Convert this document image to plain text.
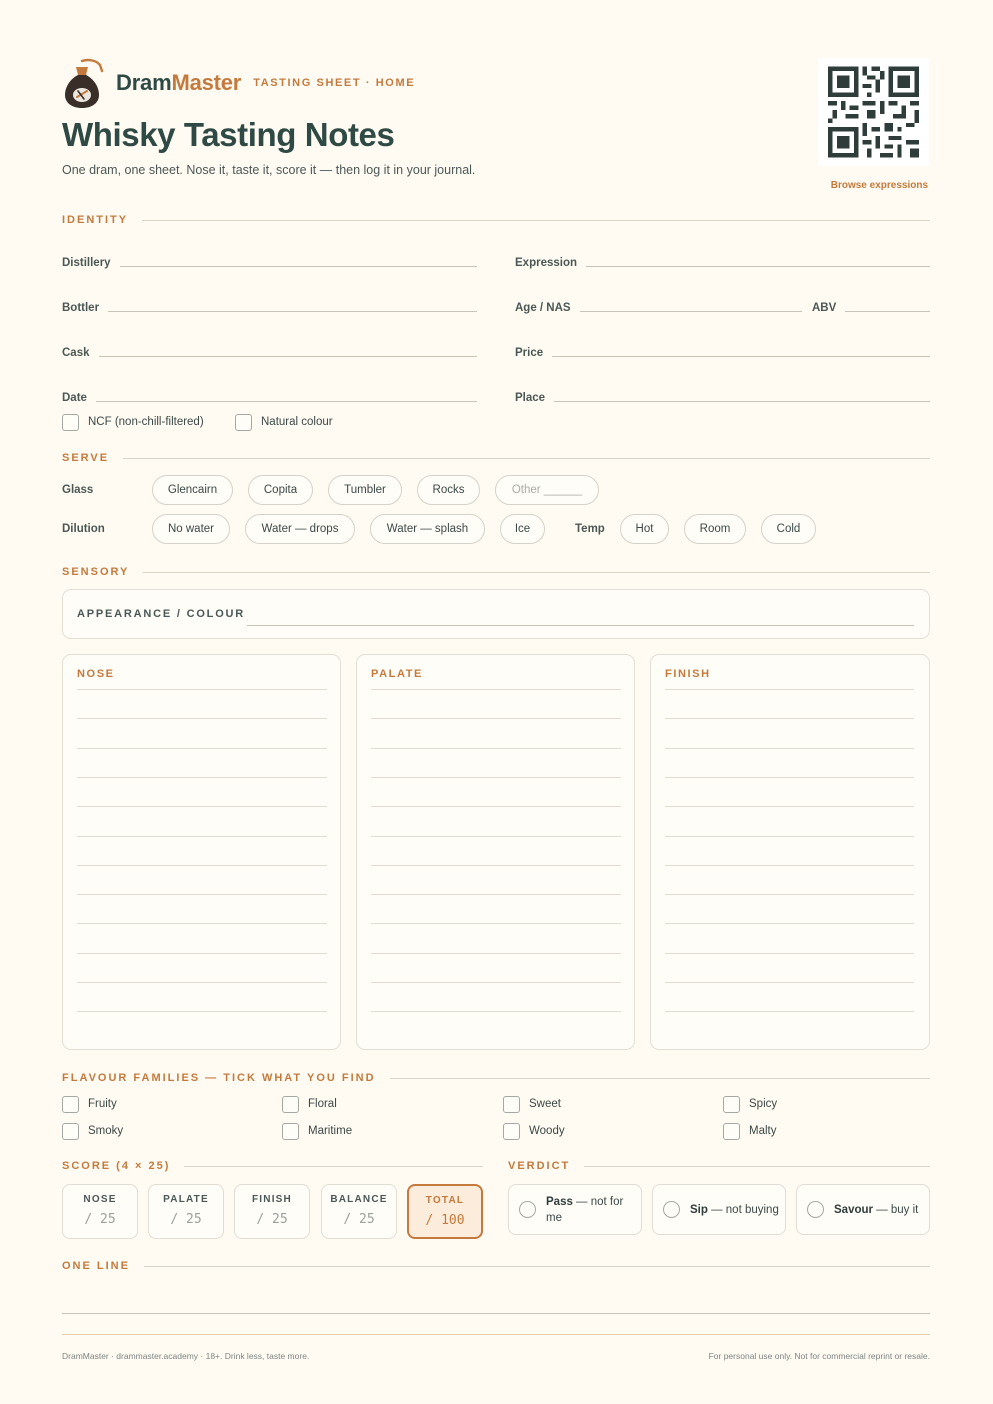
DramMaster TASTING SHEET · HOME
Whisky Tasting Notes
One dram, one sheet. Nose it, taste it, score it — then log it in your journal.
Browse expressions
IDENTITY
Distillery	Expression
Bottler	Age / NAS	ABV
Cask	Price
Date	Place
NCF (non-chill-filtered)	Natural colour
SERVE
Glass	Glencairn	Copita	Tumbler	Rocks	Other ______
Dilution	No water	Water — drops	Water — splash	Ice	Temp	Hot	Room	Cold
SENSORY
APPEARANCE / COLOUR
NOSE	PALATE	FINISH
FLAVOUR FAMILIES — TICK WHAT YOU FIND
Fruity	Floral	Sweet	Spicy
Smoky	Maritime	Woody	Malty
SCORE (4 × 25)	VERDICT
NOSE
/ 25
PALATE
/ 25
FINISH
/ 25
BALANCE
/ 25
TOTAL
/ 100
Pass — not for me
Sip — not buying	Savour — buy it
ONE LINE
DramMaster · drammaster.academy · 18+. Drink less, taste more.	For personal use only. Not for commercial reprint or resale.
